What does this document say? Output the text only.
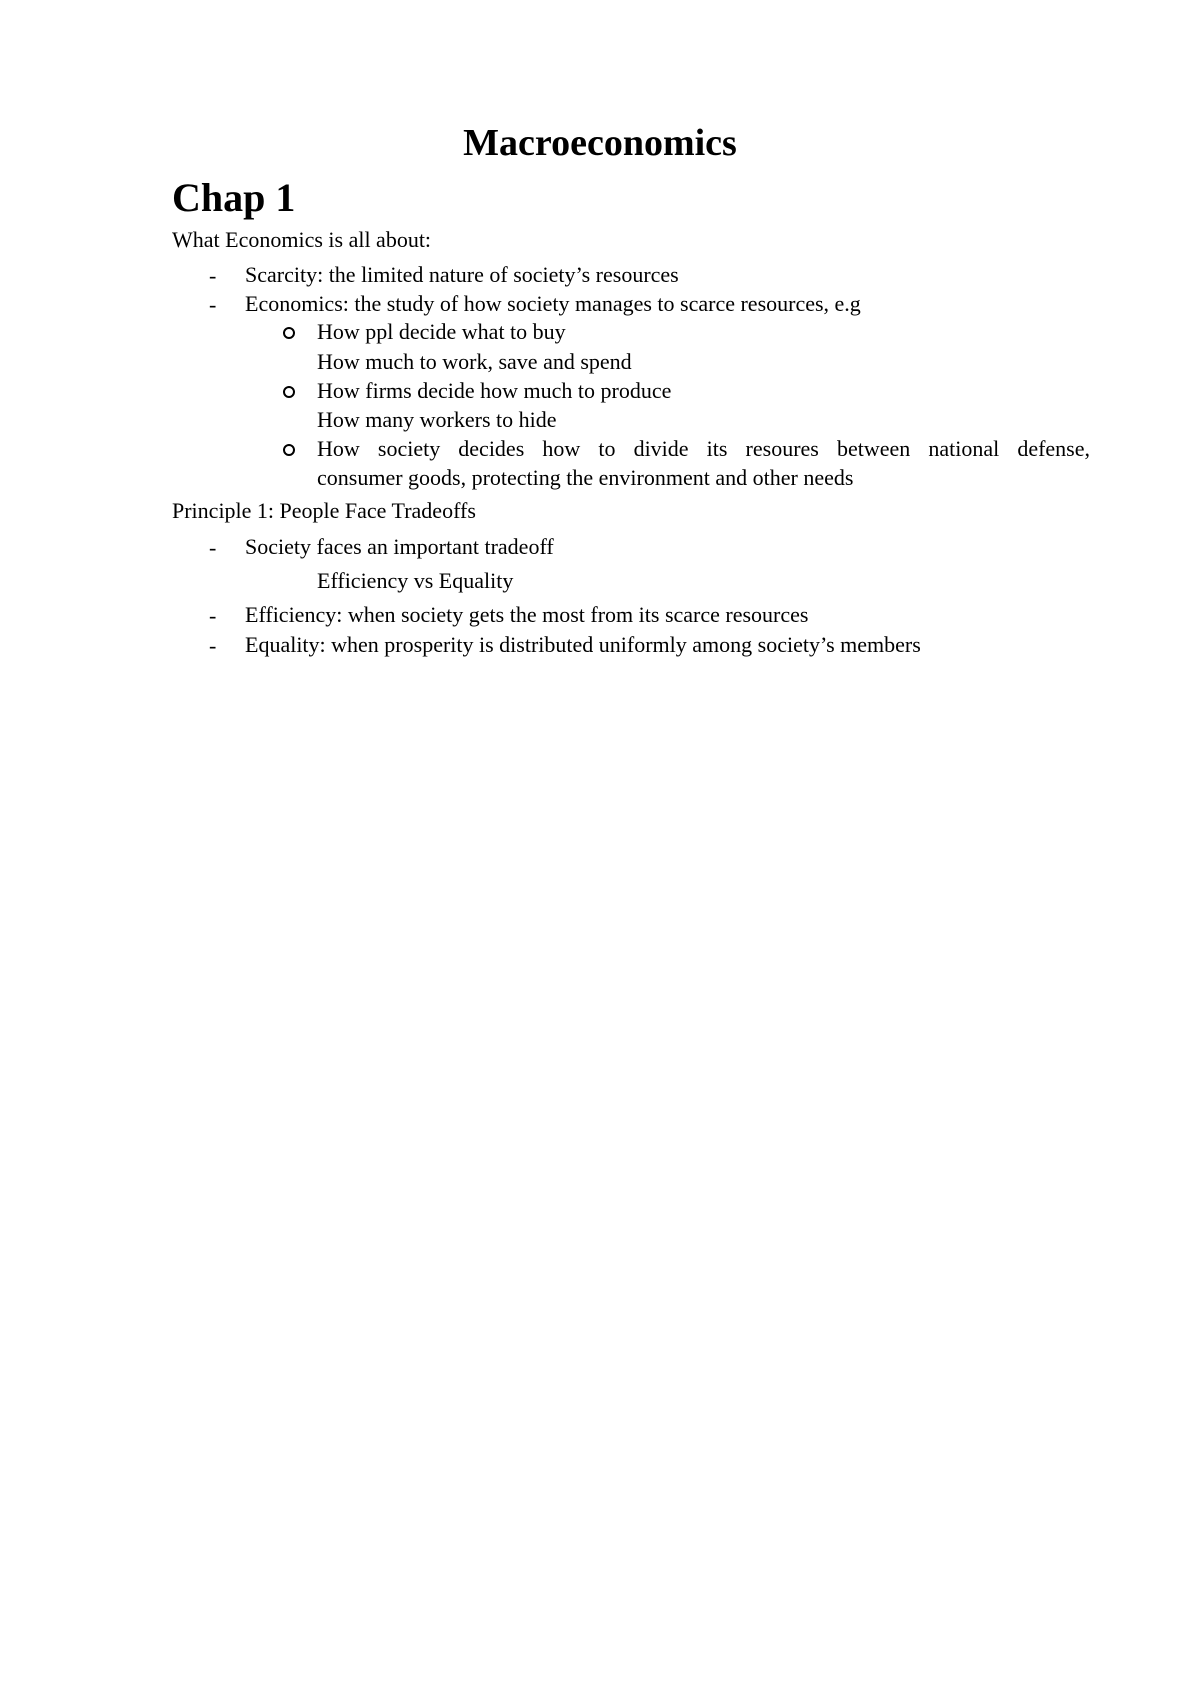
Macroeconomics
Chap 1
What Economics is all about:
- Scarcity: the limited nature of society’s resources
- Economics: the study of how society manages to scarce resources, e.g
How ppl decide what to buy
How much to work, save and spend
How firms decide how much to produce
How many workers to hide
How society decides how to divide its resoures between national defense,
consumer goods, protecting the environment and other needs
Principle 1: People Face Tradeoffs
- Society faces an important tradeoff
Efficiency vs Equality
- Efficiency: when society gets the most from its scarce resources
- Equality: when prosperity is distributed uniformly among society’s members
